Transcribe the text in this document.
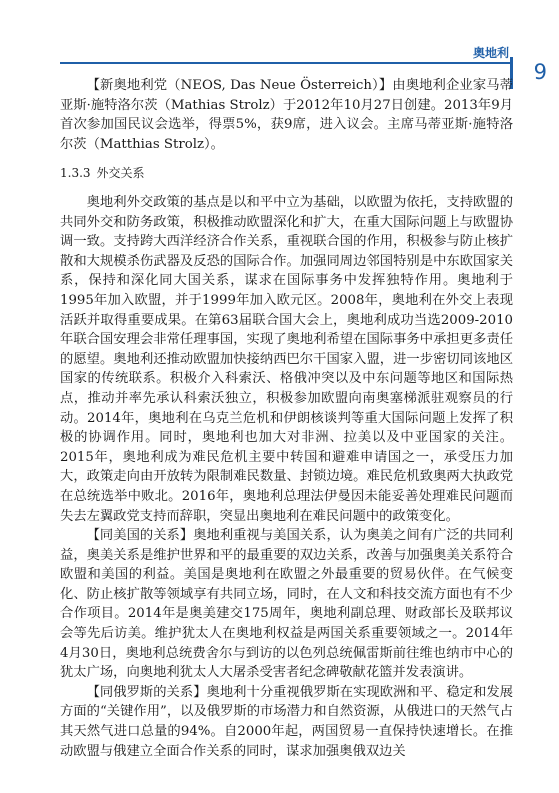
奥地利
9

【新奥地利党（NEOS, Das Neue Österreich）】由奥地利企业家马蒂亚斯·施特洛尔茨（Mathias Strolz）于2012年10月27日创建。2013年9月首次参加国民议会选举，得票5%，获9席，进入议会。主席马蒂亚斯·施特洛尔茨（Matthias Strolz）。

1.3.3 外交关系

奥地利外交政策的基点是以和平中立为基础，以欧盟为依托，支持欧盟的共同外交和防务政策，积极推动欧盟深化和扩大，在重大国际问题上与欧盟协调一致。支持跨大西洋经济合作关系，重视联合国的作用，积极参与防止核扩散和大规模杀伤武器及反恐的国际合作。加强同周边邻国特别是中东欧国家关系，保持和深化同大国关系，谋求在国际事务中发挥独特作用。奥地利于1995年加入欧盟，并于1999年加入欧元区。2008年，奥地利在外交上表现活跃并取得重要成果。在第63届联合国大会上，奥地利成功当选2009-2010年联合国安理会非常任理事国，实现了奥地利希望在国际事务中承担更多责任的愿望。奥地利还推动欧盟加快接纳西巴尔干国家入盟，进一步密切同该地区国家的传统联系。积极介入科索沃、格俄冲突以及中东问题等地区和国际热点，推动并率先承认科索沃独立，积极参加欧盟向南奥塞梯派驻观察员的行动。2014年，奥地利在乌克兰危机和伊朗核谈判等重大国际问题上发挥了积极的协调作用。同时，奥地利也加大对非洲、拉美以及中亚国家的关注。2015年，奥地利成为难民危机主要中转国和避难申请国之一，承受压力加大，政策走向由开放转为限制难民数量、封锁边境。难民危机致奥两大执政党在总统选举中败北。2016年，奥地利总理法伊曼因未能妥善处理难民问题而失去左翼政党支持而辞职，突显出奥地利在难民问题中的政策变化。

【同美国的关系】奥地利重视与美国关系，认为奥美之间有广泛的共同利益，奥美关系是维护世界和平的最重要的双边关系，改善与加强奥美关系符合欧盟和美国的利益。美国是奥地利在欧盟之外最重要的贸易伙伴。在气候变化、防止核扩散等领域享有共同立场，同时，在人文和科技交流方面也有不少合作项目。2014年是奥美建交175周年，奥地利副总理、财政部长及联邦议会等先后访美。维护犹太人在奥地利权益是两国关系重要领域之一。2014年4月30日，奥地利总统费舍尔与到访的以色列总统佩雷斯前往维也纳市中心的犹太广场，向奥地利犹太人大屠杀受害者纪念碑敬献花篮并发表演讲。

【同俄罗斯的关系】奥地利十分重视俄罗斯在实现欧洲和平、稳定和发展方面的“关键作用”，以及俄罗斯的市场潜力和自然资源，从俄进口的天然气占其天然气进口总量的94%。自2000年起，两国贸易一直保持快速增长。在推动欧盟与俄建立全面合作关系的同时，谋求加强奥俄双边关
